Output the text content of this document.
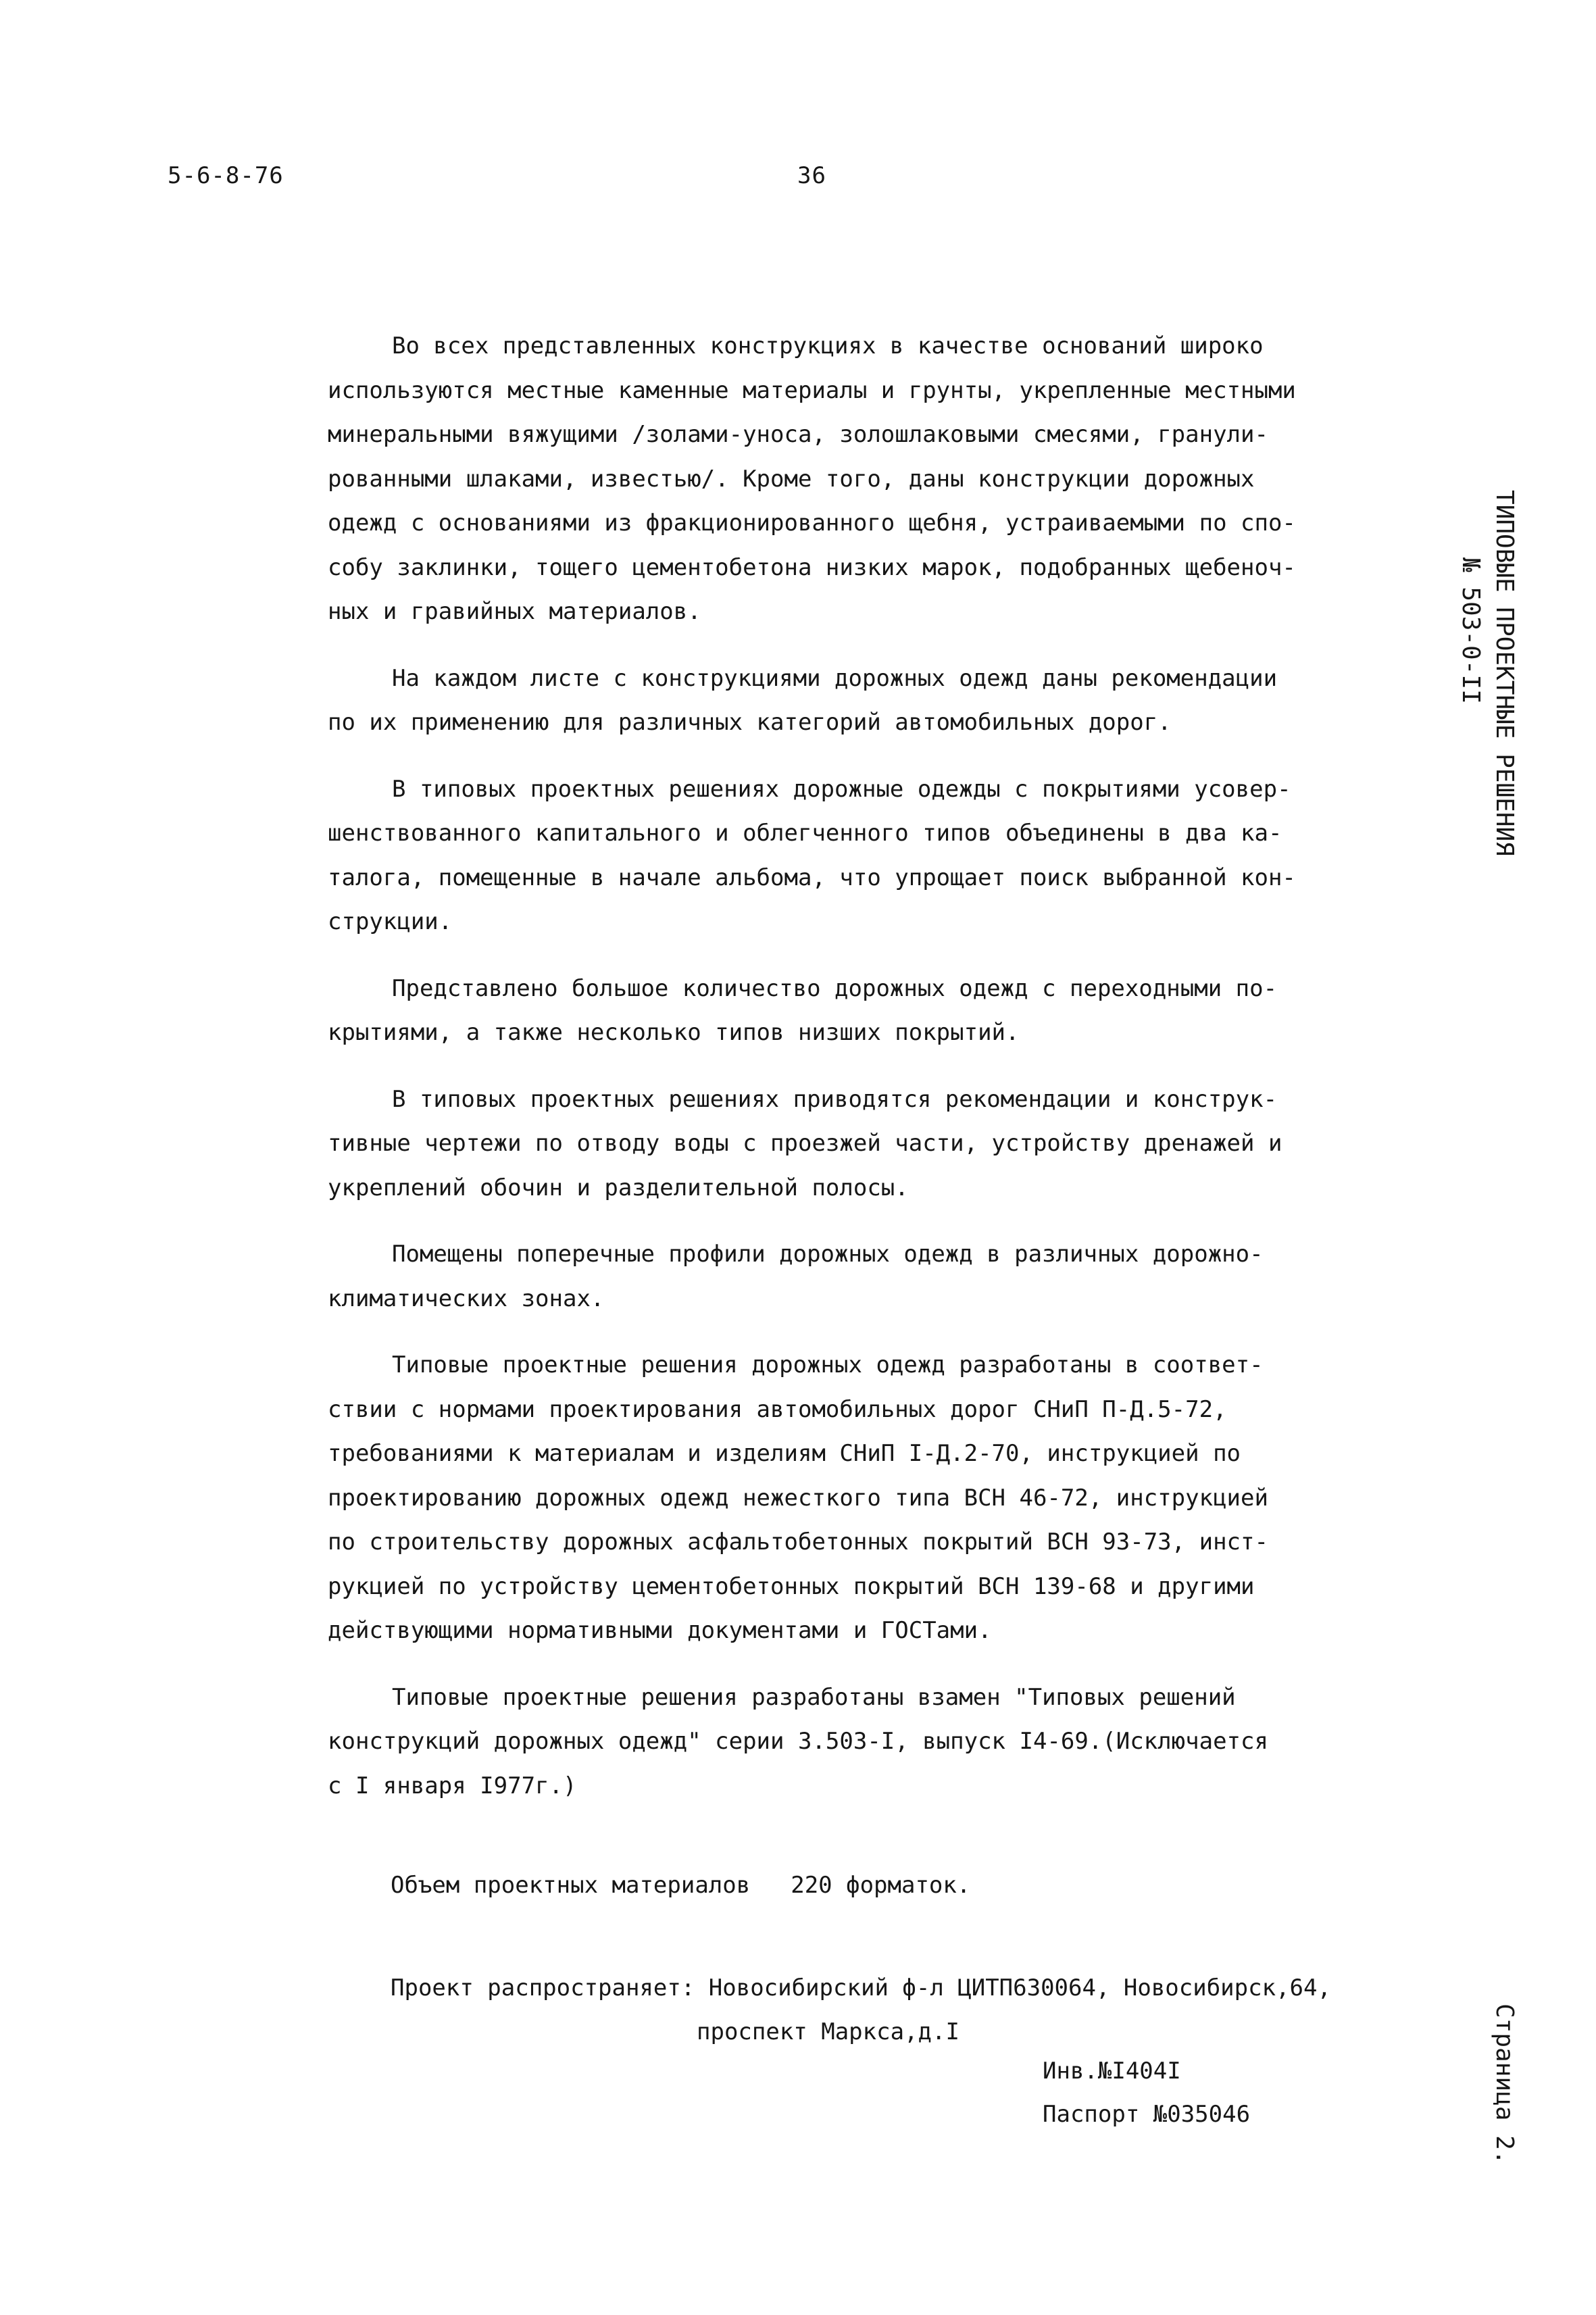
5-6-8-76	36
Во всех представленных конструкциях в качестве оснований широко
используются местные каменные материалы и грунты, укрепленные местными
минеральными вяжущими /золами-уноса, золошлаковыми смесями, гранули-
рованными шлаками, известью/. Кроме того, даны конструкции дорожных
одежд с основаниями из фракционированного щебня, устраиваемыми по спо-
собу заклинки, тощего цементобетона низких марок, подобранных щебеноч-
ных и гравийных материалов.
На каждом листе с конструкциями дорожных одежд даны рекомендации
по их применению для различных категорий автомобильных дорог.
В типовых проектных решениях дорожные одежды с покрытиями усовер-
шенствованного капитального и облегченного типов объединены в два ка-
талога, помещенные в начале альбома, что упрощает поиск выбранной кон-
струкции.
Представлено большое количество дорожных одежд с переходными по-
крытиями, а также несколько типов низших покрытий.
В типовых проектных решениях приводятся рекомендации и конструк-
тивные чертежи по отводу воды с проезжей части, устройству дренажей и
укреплений обочин и разделительной полосы.
Помещены поперечные профили дорожных одежд в различных дорожно-
климатических зонах.
Типовые проектные решения дорожных одежд разработаны в соответ-
ствии с нормами проектирования автомобильных дорог СНиП П-Д.5-72,
требованиями к материалам и изделиям СНиП I-Д.2-70, инструкцией по
проектированию дорожных одежд нежесткого типа ВСН 46-72, инструкцией
по строительству дорожных асфальтобетонных покрытий ВСН 93-73, инст-
рукцией по устройству цементобетонных покрытий ВСН 139-68 и другими
действующими нормативными документами и ГОСТами.
Типовые проектные решения разработаны взамен "Типовых решений
конструкций дорожных одежд" серии 3.503-I, выпуск I4-69.(Исключается
с I января I977г.)
Объем проектных материалов 220 форматок.
Проект распространяет: Новосибирский ф-л ЦИТП630064, Новосибирск,64,
проспект Маркса,д.I
Инв.№I404I
Паспорт №035046
ТИПОВЫЕ ПРОЕКТНЫЕ РЕШЕНИЯ
№ 503-0-II
Страница 2.
